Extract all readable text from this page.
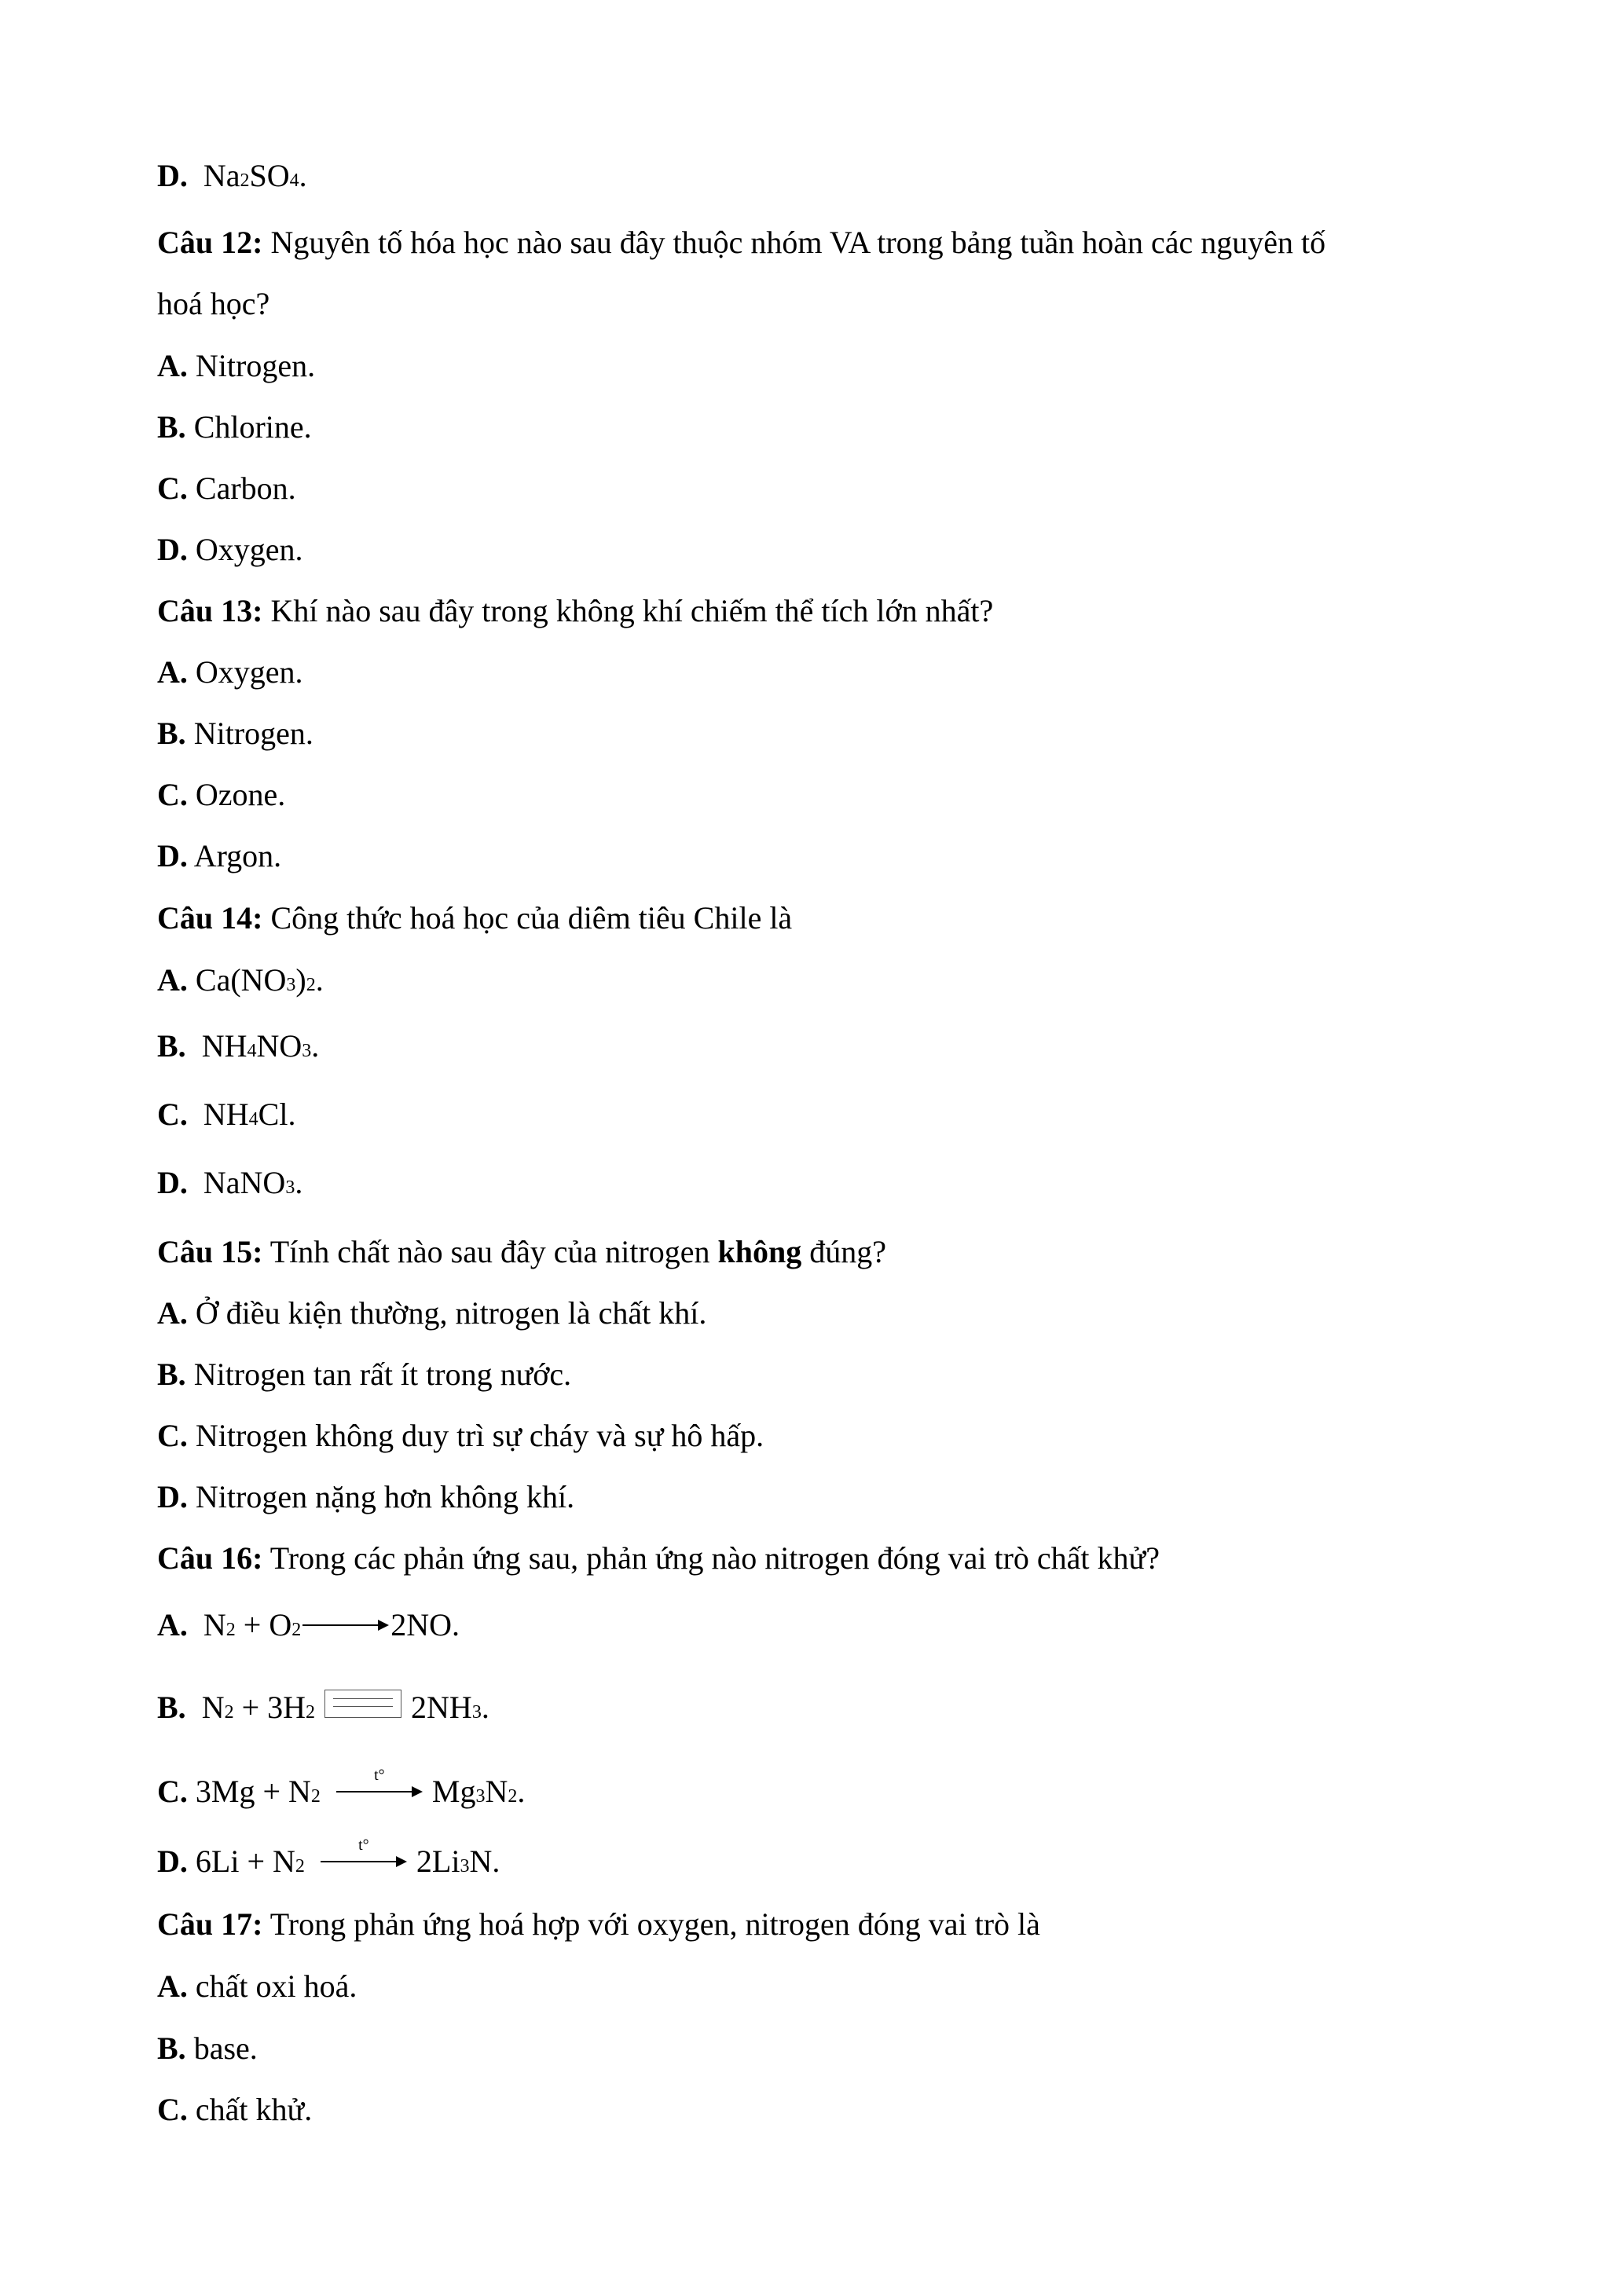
D. Na 2 SO 4 .
Câu 12: Nguyên tố hóa học nào sau đây thuộc nhóm VA trong bảng tuần hoàn các nguyên tố
hoá học?
A. Nitrogen.
B. Chlorine.
C. Carbon.
D. Oxygen.
Câu 13: Khí nào sau đây trong không khí chiếm thể tích lớn nhất?
A. Oxygen.
B. Nitrogen.
C. Ozone.
D. Argon.
Câu 14: Công thức hoá học của diêm tiêu Chile là
A. Ca(NO 3 ) 2 .
B. NH 4 NO 3 .
C. NH 4 Cl .
D. NaNO 3 .
Câu 15: Tính chất nào sau đây của nitrogen không đúng?
A. Ở điều kiện thường, nitrogen là chất khí.
B. Nitrogen tan rất ít trong nước.
C. Nitrogen không duy trì sự cháy và sự hô hấp.
D. Nitrogen nặng hơn không khí.
Câu 16: Trong các phản ứng sau, phản ứng nào nitrogen đóng vai trò chất khử?
A. N 2 + O 2	2NO .
B. N 2 + 3H 2	2NH 3 .
C. 3Mg + N 2
t°	Mg 3 N 2 .
D. 6Li + N 2
t°	2Li 3 N .
Câu 17: Trong phản ứng hoá hợp với oxygen, nitrogen đóng vai trò là
A. chất oxi hoá.
B. base.
C. chất khử.
